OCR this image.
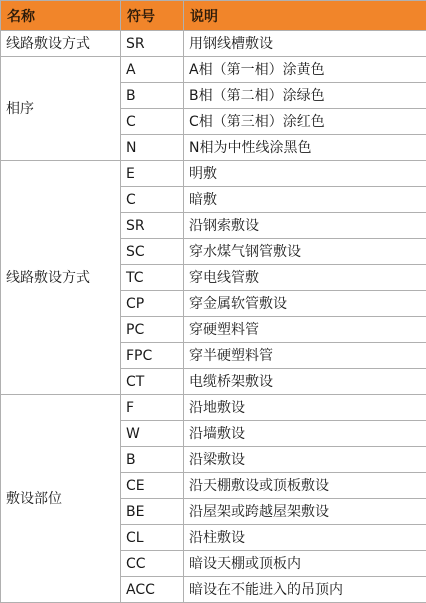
名称	符号	说明
线路敷设方式	SR	用钢线槽敷设
相序	A	A相（第一相）涂黄色
	B	B相（第二相）涂绿色
	C	C相（第三相）涂红色
	N	N相为中性线涂黑色
线路敷设方式	E	明敷
	C	暗敷
	SR	沿钢索敷设
	SC	穿水煤气钢管敷设
	TC	穿电线管敷
	CP	穿金属软管敷设
	PC	穿硬塑料管
	FPC	穿半硬塑料管
	CT	电缆桥架敷设
敷设部位	F	沿地敷设
	W	沿墙敷设
	B	沿梁敷设
	CE	沿天棚敷设或顶板敷设
	BE	沿屋架或跨越屋架敷设
	CL	沿柱敷设
	CC	暗设天棚或顶板内
	ACC	暗设在不能进入的吊顶内
